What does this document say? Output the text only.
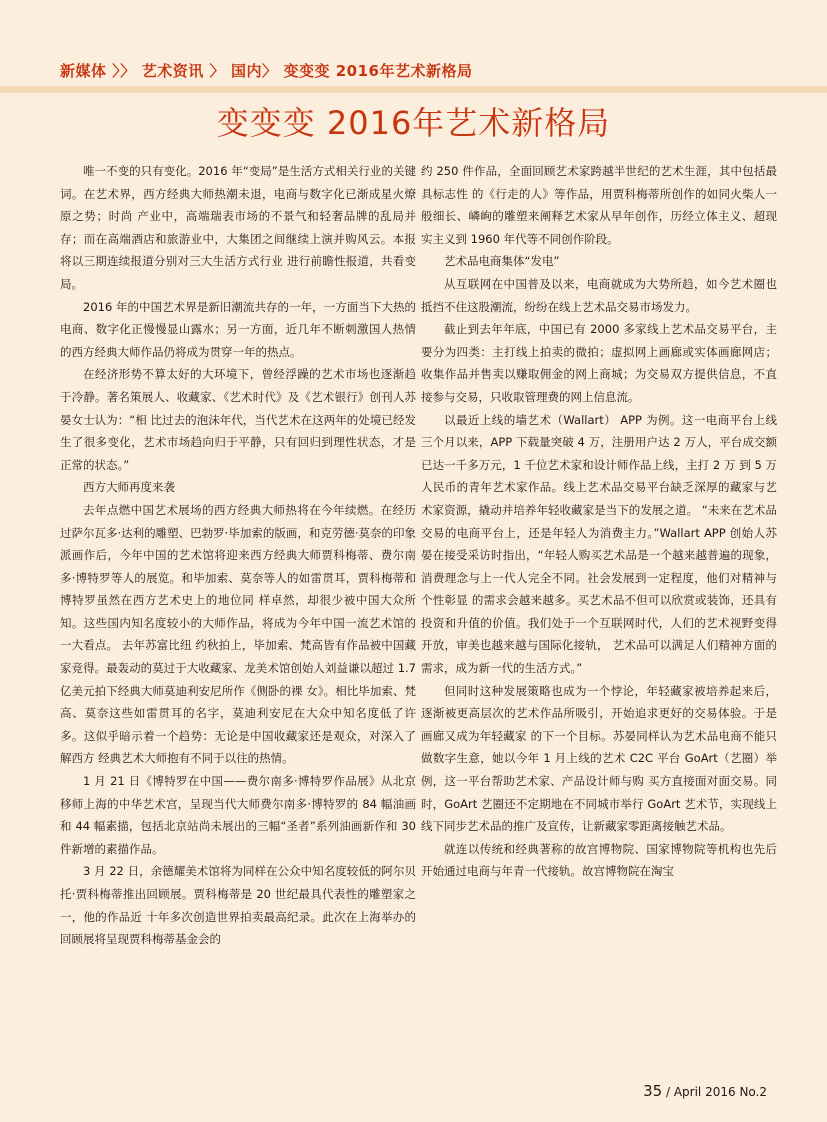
新媒体 〉〉 艺术资讯 〉 国内〉 变变变 2016年艺术新格局
变变变 2016年艺术新格局

唯一不变的只有变化。2016 年“变局”是生活方式相关行业的关键词。在艺术界，西方经典大师热潮未退，电商与数字化已渐成星火燎原之势；时尚 产业中，高端瑞表市场的不景气和轻奢品牌的乱局并存；而在高端酒店和旅游业中，大集团之间继续上演并购风云。本报将以三期连续报道分别对三大生活方式行业 进行前瞻性报道，共看变局。

2016 年的中国艺术界是新旧潮流共存的一年，一方面当下大热的电商、数字化正慢慢显山露水；另一方面，近几年不断刺激国人热情的西方经典大师作品仍将成为贯穿一年的热点。

在经济形势不算太好的大环境下，曾经浮躁的艺术市场也逐渐趋于冷静。著名策展人、收藏家、《艺术时代》及《艺术银行》创刊人苏晏女士认为：“相 比过去的泡沫年代，当代艺术在这两年的处境已经发生了很多变化，艺术市场趋向归于平静，只有回归到理性状态，才是正常的状态。”

西方大师再度来袭

去年点燃中国艺术展场的西方经典大师热将在今年续燃。在经历过萨尔瓦多·达利的雕塑、巴勃罗·毕加索的版画，和克劳德·莫奈的印象派画作后，今年中国的艺术馆将迎来西方经典大师贾科梅蒂、费尔南多·博特罗等人的展览。和毕加索、莫奈等人的如雷贯耳，贾科梅蒂和博特罗虽然在西方艺术史上的地位同 样卓然，却很少被中国大众所知。这些国内知名度较小的大师作品，将成为今年中国一流艺术馆的一大看点。 去年苏富比纽 约秋拍上，毕加索、梵高皆有作品被中国藏家竞得。最轰动的莫过于大收藏家、龙美术馆创始人刘益谦以超过 1.7 亿美元拍下经典大师莫迪利安尼所作《侧卧的裸 女》。相比毕加索、梵高、莫奈这些如雷贯耳的名字，莫迪利安尼在大众中知名度低了许多。这似乎暗示着一个趋势：无论是中国收藏家还是观众，对深入了解西方 经典艺术大师抱有不同于以往的热情。

1 月 21 日《博特罗在中国——费尔南多·博特罗作品展》从北京移师上海的中华艺术宫，呈现当代大师费尔南多·博特罗的 84 幅油画和 44 幅素描，包括北京站尚未展出的三幅“圣者”系列油画新作和 30 件新增的素描作品。

3 月 22 日，余德耀美术馆将为同样在公众中知名度较低的阿尔贝托·贾科梅蒂推出回顾展。贾科梅蒂是 20 世纪最具代表性的雕塑家之一，他的作品近 十年多次创造世界拍卖最高纪录。此次在上海举办的回顾展将呈现贾科梅蒂基金会的

约 250 件作品，全面回顾艺术家跨越半世纪的艺术生涯，其中包括最具标志性 的《行走的人》等作品，用贾科梅蒂所创作的如同火柴人一般细长、嶙峋的雕塑来阐释艺术家从早年创作，历经立体主义、超现实主义到 1960 年代等不同创作阶段。

艺术品电商集体“发电”

从互联网在中国普及以来，电商就成为大势所趋，如今艺术圈也抵挡不住这股潮流，纷纷在线上艺术品交易市场发力。

截止到去年年底，中国已有 2000 多家线上艺术品交易平台，主要分为四类：主打线上拍卖的微拍；虚拟网上画廊或实体画廊网店；收集作品并售卖以赚取佣金的网上商城；为交易双方提供信息，不直接参与交易，只收取管理费的网上信息流。

以最近上线的墙艺术（Wallart） APP 为例。这一电商平台上线三个月以来，APP 下载量突破 4 万，注册用户达 2 万人，平台成交额已达一千多万元，1 千位艺术家和设计师作品上线，主打 2 万 到 5 万人民币的青年艺术家作品。线上艺术品交易平台缺乏深厚的藏家与艺术家资源，撬动并培养年轻收藏家是当下的发展之道。 “未来在艺术品交易的电商平台上，还是年轻人为消费主力。”Wallart APP 创始人苏晏在接受采访时指出，“年轻人购买艺术品是一个越来越普遍的现象，消费理念与上一代人完全不同。社会发展到一定程度，他们对精神与个性彰显 的需求会越来越多。买艺术品不但可以欣赏或装饰，还具有投资和升值的价值。我们处于一个互联网时代，人们的艺术视野变得开放，审美也越来越与国际化接轨， 艺术品可以满足人们精神方面的需求，成为新一代的生活方式。”

但同时这种发展策略也成为一个悖论，年轻藏家被培养起来后，逐渐被更高层次的艺术作品所吸引，开始追求更好的交易体验。于是画廊又成为年轻藏家 的下一个目标。苏晏同样认为艺术品电商不能只做数字生意，她以今年 1 月上线的艺术 C2C 平台 GoArt（艺圈）举例，这一平台帮助艺术家、产品设计师与购 买方直接面对面交易。同时，GoArt 艺圈还不定期地在不同城市举行 GoArt 艺术节，实现线上线下同步艺术品的推广及宣传，让新藏家零距离接触艺术品。

就连以传统和经典著称的故宫博物院、国家博物院等机构也先后开始通过电商与年青一代接轨。故宫博物院在淘宝

35 / April 2016 No.2
